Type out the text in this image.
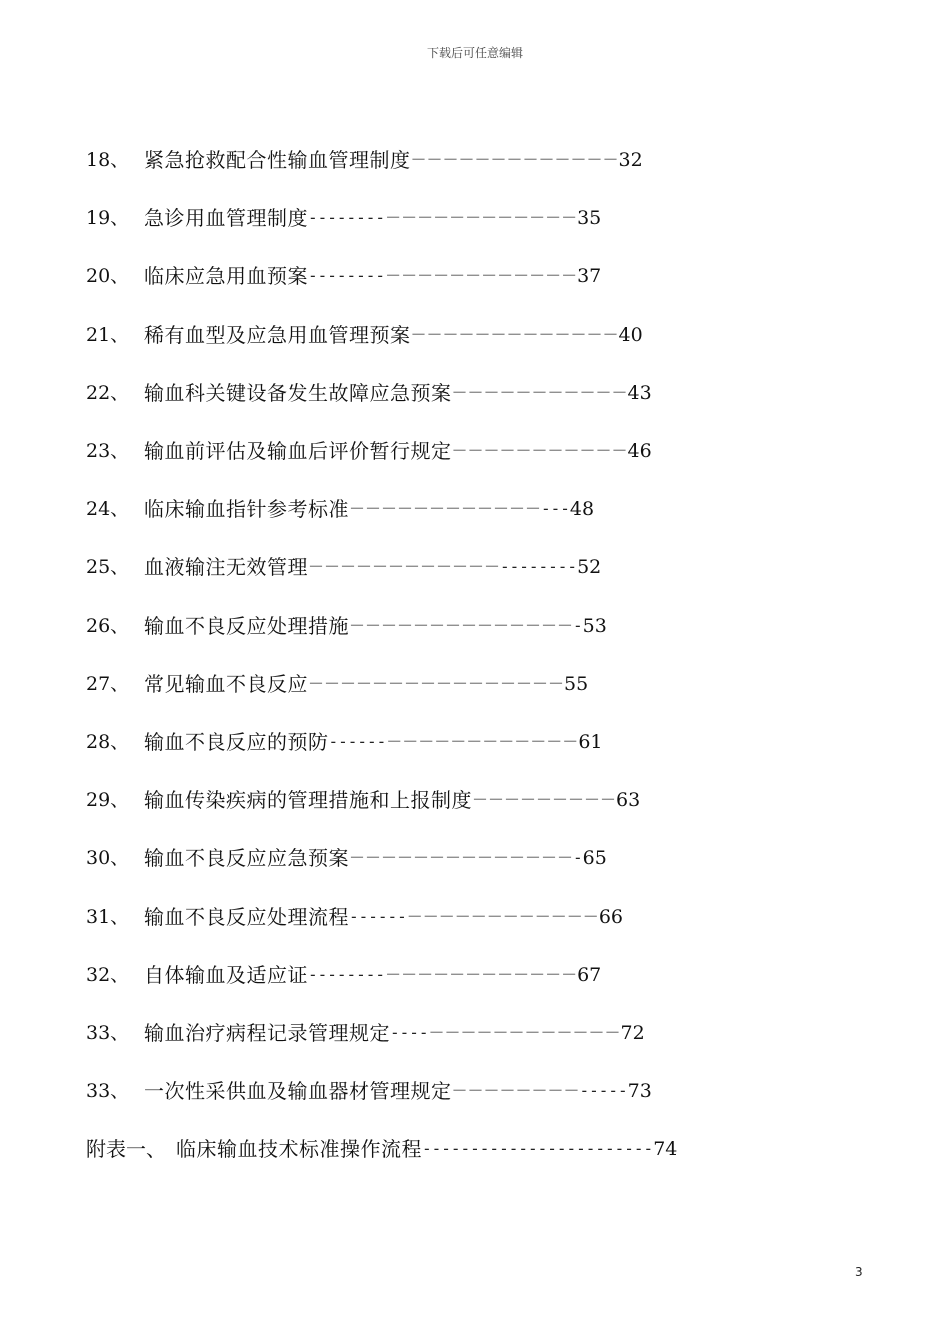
下载后可任意编辑
18、 紧急抢救配合性输血管理制度 －－－－－－－－－－－－－ 32
19、 急诊用血管理制度 --------－－－－－－－－－－－－ 35
20、 临床应急用血预案 --------－－－－－－－－－－－－ 37
21、 稀有血型及应急用血管理预案 －－－－－－－－－－－－－ 40
22、 输血科关键设备发生故障应急预案 －－－－－－－－－－－ 43
23、 输血前评估及输血后评价暂行规定 －－－－－－－－－－－ 46
24、 临床输血指针参考标准 －－－－－－－－－－－－--- 48
25、 血液输注无效管理 －－－－－－－－－－－－-------- 52
26、 输血不良反应处理措施 －－－－－－－－－－－－－－- 53
27、 常见输血不良反应 －－－－－－－－－－－－－－－－ 55
28、 输血不良反应的预防 ------－－－－－－－－－－－－ 61
29、 输血传染疾病的管理措施和上报制度 －－－－－－－－－ 63
30、 输血不良反应应急预案 －－－－－－－－－－－－－－- 65
31、 输血不良反应处理流程 ------－－－－－－－－－－－－ 66
32、 自体输血及适应证 --------－－－－－－－－－－－－ 67
33、 输血治疗病程记录管理规定 ----－－－－－－－－－－－－ 72
33、 一次性采供血及输血器材管理规定 －－－－－－－－----- 73
附表一、 临床输血技术标准操作流程 ------------------------ 74
3
